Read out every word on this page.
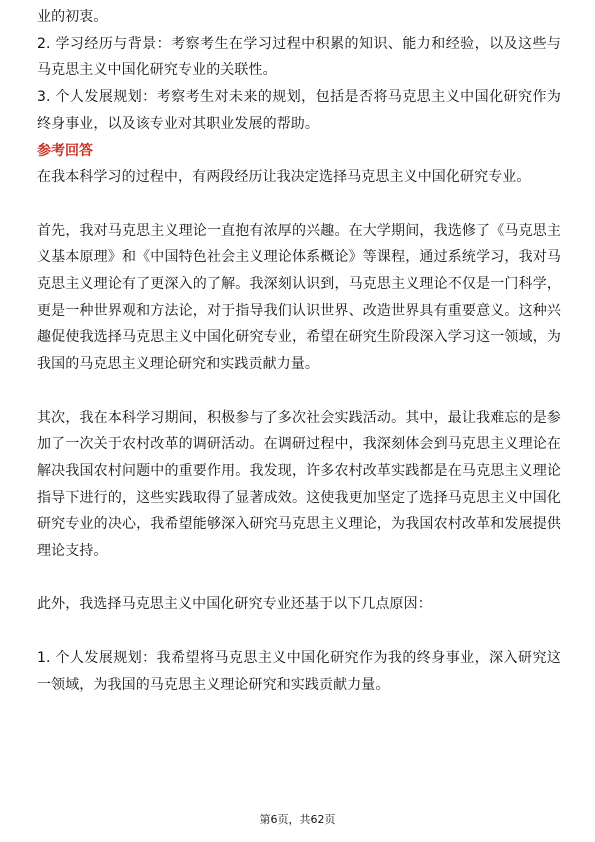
业的初衷。

2. 学习经历与背景：考察考生在学习过程中积累的知识、能力和经验，以及这些与马克思主义中国化研究专业的关联性。

3. 个人发展规划：考察考生对未来的规划，包括是否将马克思主义中国化研究作为终身事业，以及该专业对其职业发展的帮助。

参考回答

在我本科学习的过程中，有两段经历让我决定选择马克思主义中国化研究专业。

首先，我对马克思主义理论一直抱有浓厚的兴趣。在大学期间，我选修了《马克思主义基本原理》和《中国特色社会主义理论体系概论》等课程，通过系统学习，我对马克思主义理论有了更深入的了解。我深刻认识到，马克思主义理论不仅是一门科学，更是一种世界观和方法论，对于指导我们认识世界、改造世界具有重要意义。这种兴趣促使我选择马克思主义中国化研究专业，希望在研究生阶段深入学习这一领域，为我国的马克思主义理论研究和实践贡献力量。

其次，我在本科学习期间，积极参与了多次社会实践活动。其中，最让我难忘的是参加了一次关于农村改革的调研活动。在调研过程中，我深刻体会到马克思主义理论在解决我国农村问题中的重要作用。我发现，许多农村改革实践都是在马克思主义理论指导下进行的，这些实践取得了显著成效。这使我更加坚定了选择马克思主义中国化研究专业的决心，我希望能够深入研究马克思主义理论，为我国农村改革和发展提供理论支持。

此外，我选择马克思主义中国化研究专业还基于以下几点原因：

1. 个人发展规划：我希望将马克思主义中国化研究作为我的终身事业，深入研究这一领域，为我国的马克思主义理论研究和实践贡献力量。

第6页，共62页
